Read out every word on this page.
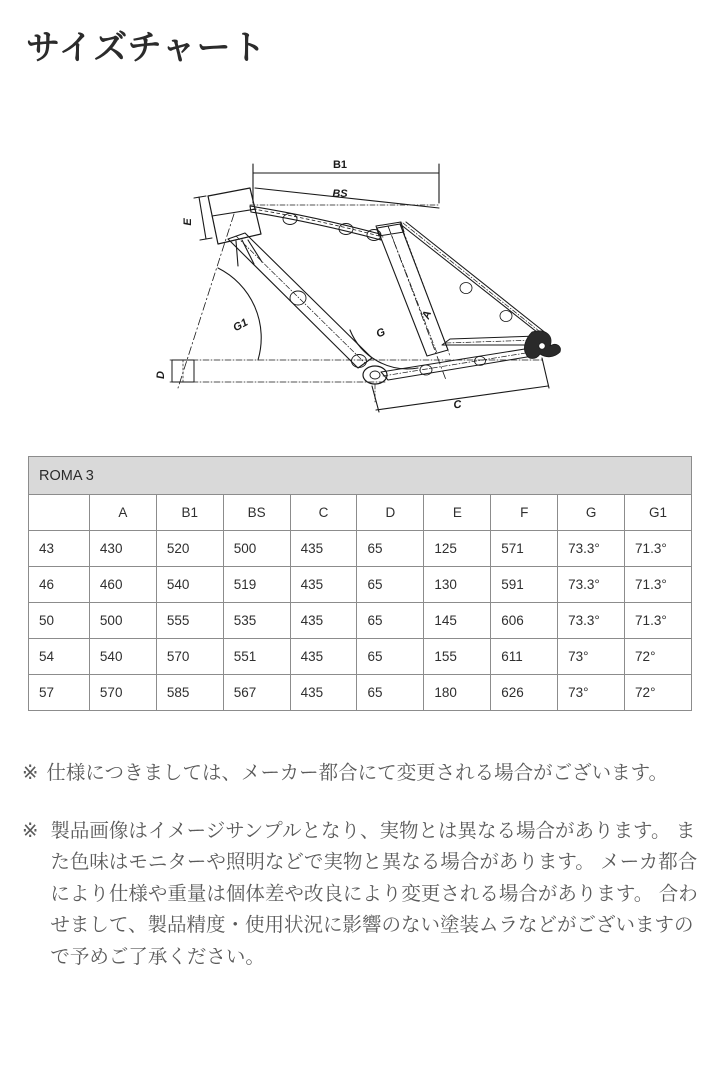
サイズチャート
B1
BS
E
D
G1	G
A
C
ROMA 3									
	A	B1	BS	C	D	E	F	G	G1
43	430	520	500	435	65	125	571	73.3°	71.3°
46	460	540	519	435	65	130	591	73.3°	71.3°
50	500	555	535	435	65	145	606	73.3°	71.3°
54	540	570	551	435	65	155	611	73°	72°
57	570	585	567	435	65	180	626	73°	72°
※ 仕様につきましては、メーカー都合にて変更される場合がございます。
※ 製品画像はイメージサンプルとなり、実物とは異なる場合があります。 また色味はモニターや照明などで実物と異なる場合があります。 メーカ都合により仕様や重量は個体差や改良により変更される場合があります。 合わせまして、製品精度・使用状況に影響のない塗装ムラなどがございますので予めご了承ください。
